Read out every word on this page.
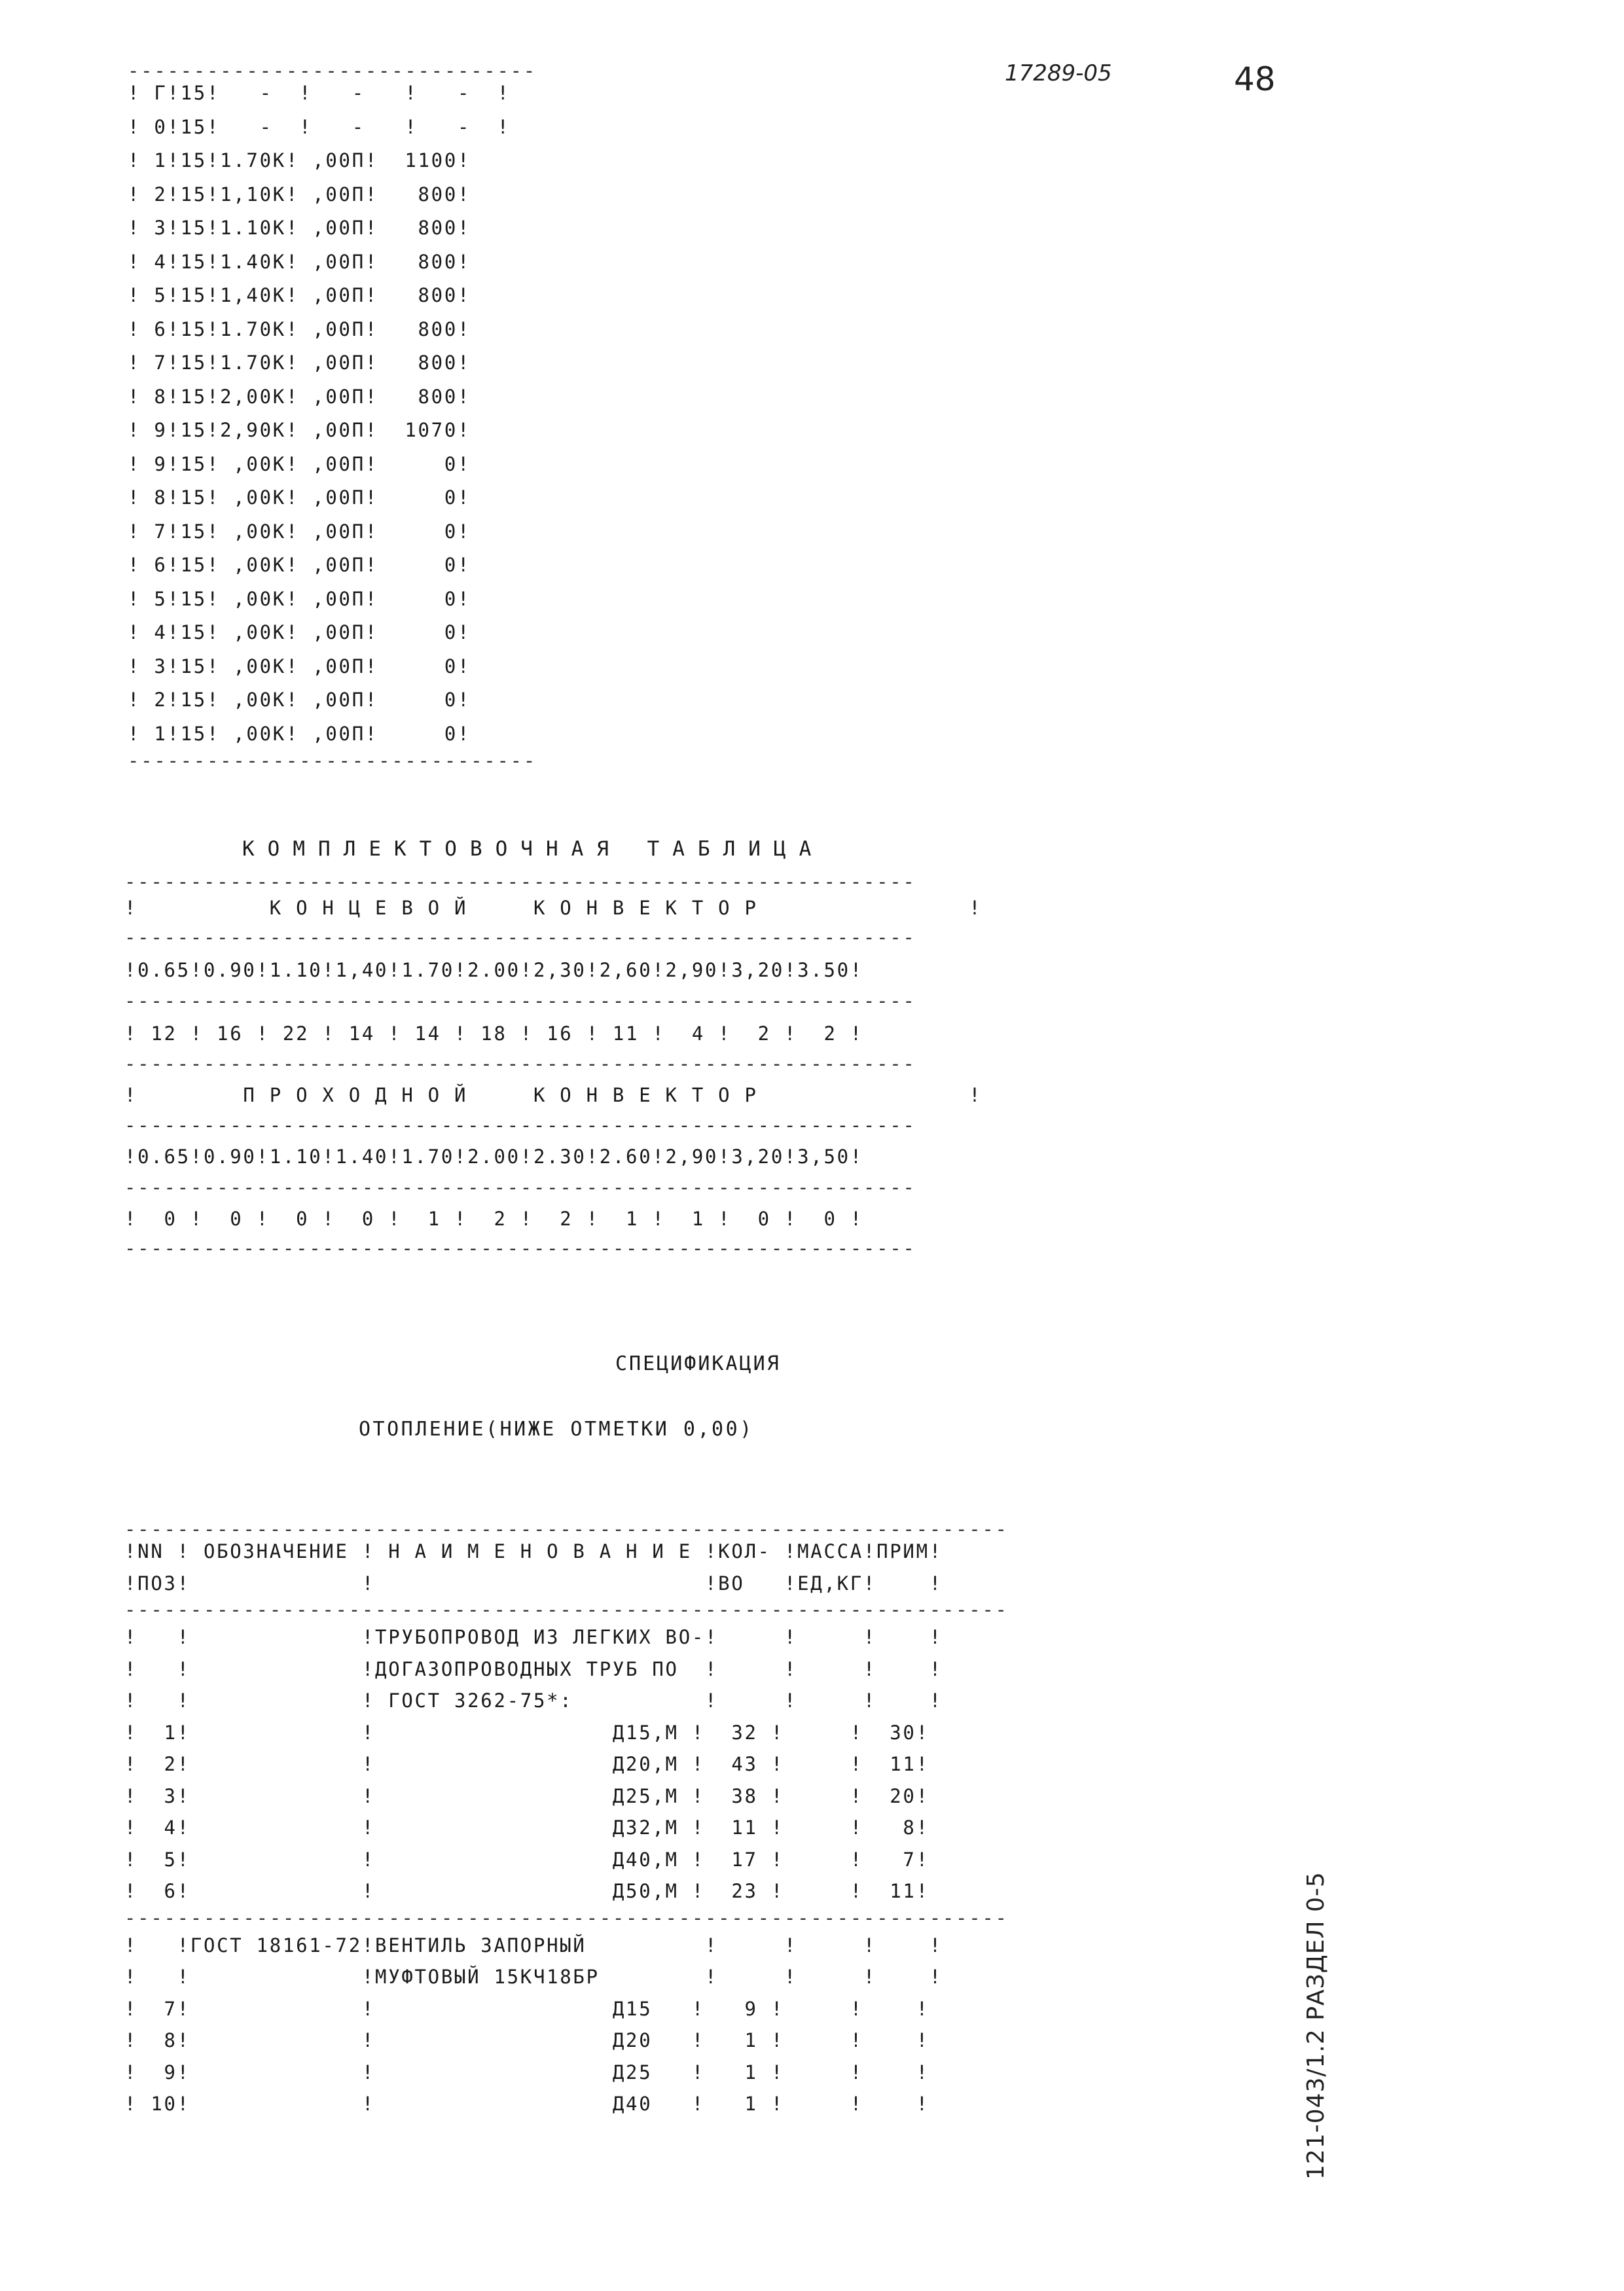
17289-05	48
-------------------------------
! Г!15!   -  !   -   !   -  !
! 0!15!   -  !   -   !   -  !
! 1!15!1.70К! ,00П!  1100!
! 2!15!1,10К! ,00П!   800!
! 3!15!1.10К! ,00П!   800!
! 4!15!1.40К! ,00П!   800!
! 5!15!1,40К! ,00П!   800!
! 6!15!1.70К! ,00П!   800!
! 7!15!1.70К! ,00П!   800!
! 8!15!2,00К! ,00П!   800!
! 9!15!2,90К! ,00П!  1070!
! 9!15! ,00К! ,00П!     0!
! 8!15! ,00К! ,00П!     0!
! 7!15! ,00К! ,00П!     0!
! 6!15! ,00К! ,00П!     0!
! 5!15! ,00К! ,00П!     0!
! 4!15! ,00К! ,00П!     0!
! 3!15! ,00К! ,00П!     0!
! 2!15! ,00К! ,00П!     0!
! 1!15! ,00К! ,00П!     0!
-------------------------------
КОМПЛЕКТОВОЧНАЯ ТАБЛИЦА
------------------------------------------------------------
!          К О Н Ц Е В О Й     К О Н В Е К Т О Р                !
------------------------------------------------------------
!0.65!0.90!1.10!1,40!1.70!2.00!2,30!2,60!2,90!3,20!3.50!
------------------------------------------------------------
! 12 ! 16 ! 22 ! 14 ! 14 ! 18 ! 16 ! 11 !  4 !  2 !  2 !
------------------------------------------------------------
!        П Р О Х О Д Н О Й     К О Н В Е К Т О Р                !
------------------------------------------------------------
!0.65!0.90!1.10!1.40!1.70!2.00!2.30!2.60!2,90!3,20!3,50!
------------------------------------------------------------
!  0 !  0 !  0 !  0 !  1 !  2 !  2 !  1 !  1 !  0 !  0 !
------------------------------------------------------------
СПЕЦИФИКАЦИЯ
ОТОПЛЕНИЕ(НИЖЕ ОТМЕТКИ 0,00)
-------------------------------------------------------------------
!NN ! ОБОЗНАЧЕНИЕ ! Н А И М Е Н О В А Н И Е !КОЛ- !МАССА!ПРИМ!
!ПОЗ!             !                         !ВО   !ЕД,КГ!    !
-------------------------------------------------------------------
!   !             !ТРУБОПРОВОД ИЗ ЛЕГКИХ ВО-!     !     !    !
!   !             !ДОГАЗОПРОВОДНЫХ ТРУБ ПО  !     !     !    !
!   !             ! ГОСТ 3262-75*:          !     !     !    !
!  1!             !                  Д15,М !  32 !     !  30!
!  2!             !                  Д20,М !  43 !     !  11!
!  3!             !                  Д25,М !  38 !     !  20!
!  4!             !                  Д32,М !  11 !     !   8!
!  5!             !                  Д40,М !  17 !     !   7!
!  6!             !                  Д50,М !  23 !     !  11!
-------------------------------------------------------------------
!   !ГОСТ 18161-72!ВЕНТИЛЬ ЗАПОРНЫЙ         !     !     !    !
!   !             !МУФТОВЫЙ 15КЧ18БР        !     !     !    !
!  7!             !                  Д15   !   9 !     !    !
!  8!             !                  Д20   !   1 !     !    !
!  9!             !                  Д25   !   1 !     !    !
! 10!             !                  Д40   !   1 !     !    !	121-043/1.2 РАЗДЕЛ 0-5
